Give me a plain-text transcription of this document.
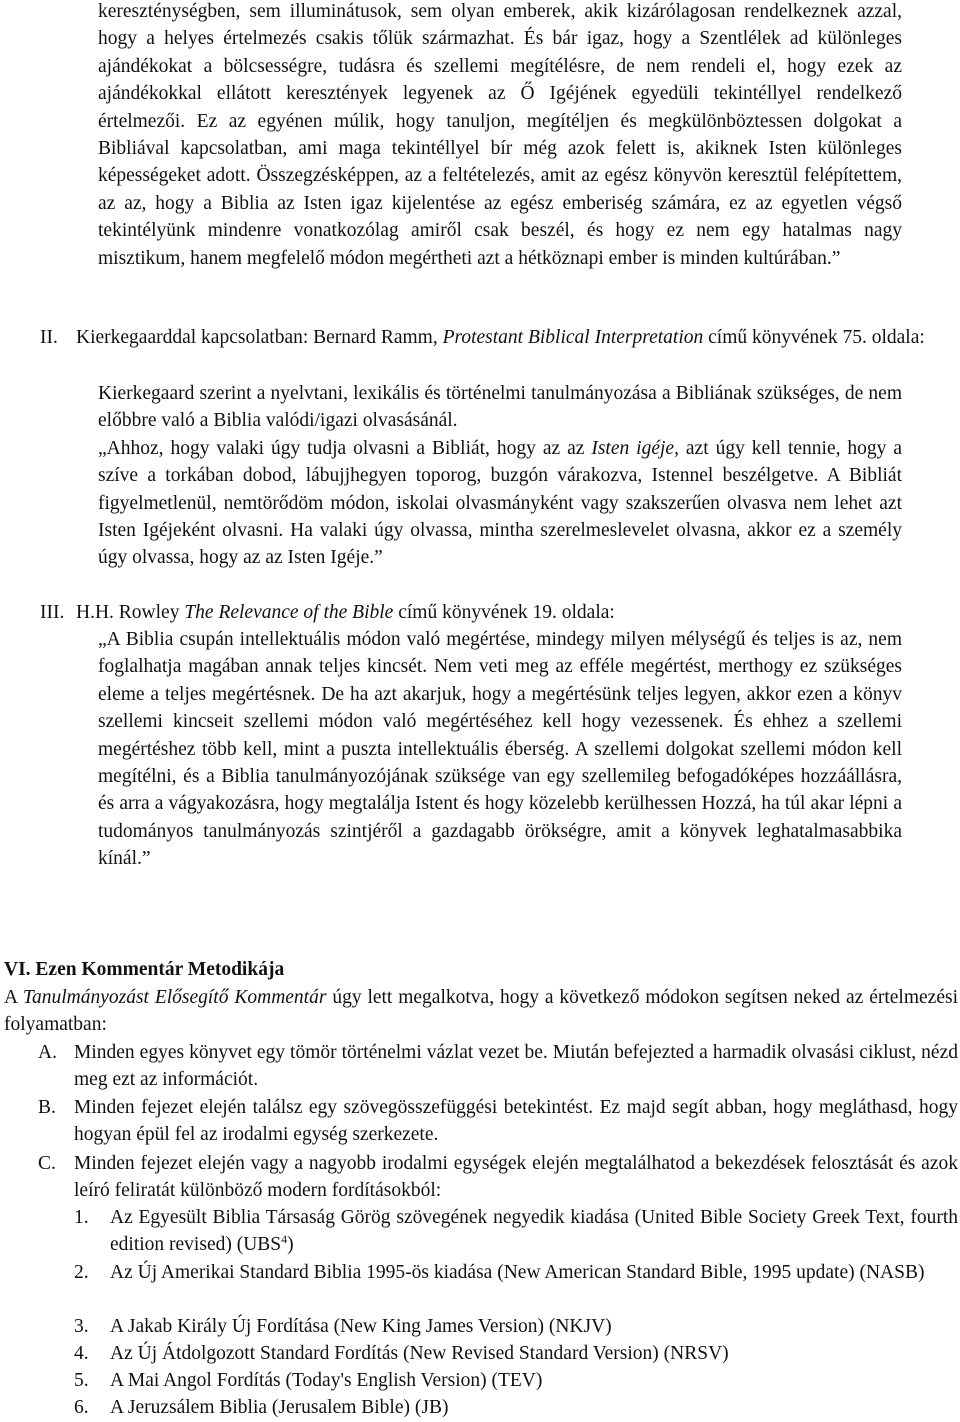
kereszténységben, sem illuminátusok, sem olyan emberek, akik kizárólagosan rendelkeznek azzal, hogy a helyes értelmezés csakis tőlük származhat. És bár igaz, hogy a Szentlélek ad különleges ajándékokat a bölcsességre, tudásra és szellemi megítélésre, de nem rendeli el, hogy ezek az ajándékokkal ellátott keresztények legyenek az Ő Igéjének egyedüli tekintéllyel rendelkező értelmezői. Ez az egyénen múlik, hogy tanuljon, megítéljen és megkülönböztessen dolgokat a Bibliával kapcsolatban, ami maga tekintéllyel bír még azok felett is, akiknek Isten különleges képességeket adott. Összegzésképpen, az a feltételezés, amit az egész könyvön keresztül felépítettem, az az, hogy a Biblia az Isten igaz kijelentése az egész emberiség számára, ez az egyetlen végső tekintélyünk mindenre vonatkozólag amiről csak beszél, és hogy ez nem egy hatalmas nagy misztikum, hanem megfelelő módon megértheti azt a hétköznapi ember is minden kultúrában.”

II. Kierkegaarddal kapcsolatban: Bernard Ramm, Protestant Biblical Interpretation című könyvének 75. oldala:
Kierkegaard szerint a nyelvtani, lexikális és történelmi tanulmányozása a Bibliának szükséges, de nem előbbre való a Biblia valódi/igazi olvasásánál.
„Ahhoz, hogy valaki úgy tudja olvasni a Bibliát, hogy az az Isten igéje, azt úgy kell tennie, hogy a szíve a torkában dobod, lábujjhegyen toporog, buzgón várakozva, Istennel beszélgetve. A Bibliát figyelmetlenül, nemtörődöm módon, iskolai olvasmányként vagy szakszerűen olvasva nem lehet azt Isten Igéjeként olvasni. Ha valaki úgy olvassa, mintha szerelmeslevelet olvasna, akkor ez a személy úgy olvassa, hogy az az Isten Igéje.”
III. H.H. Rowley The Relevance of the Bible című könyvének 19. oldala:

„A Biblia csupán intellektuális módon való megértése, mindegy milyen mélységű és teljes is az, nem foglalhatja magában annak teljes kincsét. Nem veti meg az efféle megértést, merthogy ez szükséges eleme a teljes megértésnek. De ha azt akarjuk, hogy a megértésünk teljes legyen, akkor ezen a könyv szellemi kincseit szellemi módon való megértéséhez kell hogy vezessenek. És ehhez a szellemi megértéshez több kell, mint a puszta intellektuális éberség. A szellemi dolgokat szellemi módon kell megítélni, és a Biblia tanulmányozójának szüksége van egy szellemileg befogadóképes hozzáállásra, és arra a vágyakozásra, hogy megtalálja Istent és hogy közelebb kerülhessen Hozzá, ha túl akar lépni a tudományos tanulmányozás szintjéről a gazdagabb örökségre, amit a könyvek leghatalmasabbika kínál.”

VI. Ezen Kommentár Metodikája

A Tanulmányozást Elősegítő Kommentár úgy lett megalkotva, hogy a következő módokon segítsen neked az értelmezési folyamatban:

A. Minden egyes könyvet egy tömör történelmi vázlat vezet be. Miután befejezted a harmadik olvasási ciklust, nézd meg ezt az információt.
B. Minden fejezet elején találsz egy szövegösszefüggési betekintést. Ez majd segít abban, hogy megláthasd, hogy hogyan épül fel az irodalmi egység szerkezete.
C. Minden fejezet elején vagy a nagyobb irodalmi egységek elején megtalálhatod a bekezdések felosztását és azok leíró feliratát különböző modern fordításokból:
1. Az Egyesült Biblia Társaság Görög szövegének negyedik kiadása (United Bible Society Greek Text, fourth edition revised) (UBS$^4$)
2. Az Új Amerikai Standard Biblia 1995-ös kiadása (New American Standard Bible, 1995 update) (NASB)
3. A Jakab Király Új Fordítása (New King James Version) (NKJV)
4. Az Új Átdolgozott Standard Fordítás (New Revised Standard Version) (NRSV)
5. A Mai Angol Fordítás (Today's English Version) (TEV)
6. A Jeruzsálem Biblia (Jerusalem Bible) (JB)
